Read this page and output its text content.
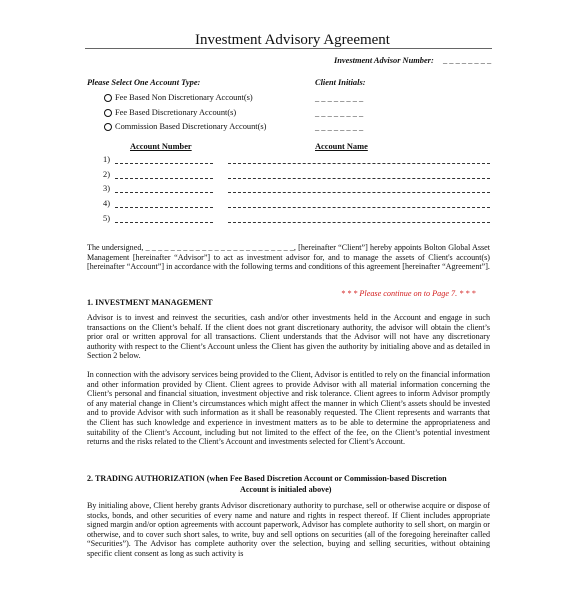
Investment Advisory Agreement
Investment Advisor Number: _ _ _ _ _ _ _ _
Please Select One Account Type:	Client Initials:
Fee Based Non Discretionary Account(s)	_ _ _ _ _ _ _ _
Fee Based Discretionary Account(s)	_ _ _ _ _ _ _ _
Commission Based Discretionary Account(s)	_ _ _ _ _ _ _ _
Account Number	Account Name
1)
2)
3)
4)
5)
The undersigned, _ _ _ _ _ _ _ _ _ _ _ _ _ _ _ _ _ _ _ _ _ _ _ _, [hereinafter “Client”] hereby appoints Bolton Global Asset Management [hereinafter “Advisor”] to act as investment advisor for, and to manage the assets of Client's account(s) [hereinafter “Account”] in accordance with the following terms and conditions of this agreement [hereinafter “Agreement”].
* * * Please continue on to Page 7. * * *
1. INVESTMENT MANAGEMENT
Advisor is to invest and reinvest the securities, cash and/or other investments held in the Account and engage in such transactions on the Client’s behalf. If the client does not grant discretionary authority, the advisor will obtain the client’s prior oral or written approval for all transactions. Client understands that the Advisor will not have any discretionary authority with respect to the Client’s Account unless the Client has given the authority by initialing above and as detailed in Section 2 below.
In connection with the advisory services being provided to the Client, Advisor is entitled to rely on the financial information and other information provided by Client. Client agrees to provide Advisor with all material information concerning the Client’s personal and financial situation, investment objective and risk tolerance. Client agrees to inform Advisor promptly of any material change in Client’s circumstances which might affect the manner in which Client’s assets should be invested and to provide Advisor with such information as it shall be reasonably requested. The Client represents and warrants that the Client has such knowledge and experience in investment matters as to be able to determine the appropriateness and suitability of the Client’s Account, including but not limited to the effect of the fee, on the Client’s potential investment returns and the risks related to the Client’s Account and investments selected for Client’s Account.
2. TRADING AUTHORIZATION (when Fee Based Discretion Account or Commission-based Discretion
Account is initialed above)
By initialing above, Client hereby grants Advisor discretionary authority to purchase, sell or otherwise acquire or dispose of stocks, bonds, and other securities of every name and nature and rights in respect thereof. If Client includes appropriate signed margin and/or option agreements with account paperwork, Advisor has complete authority to sell short, on margin or otherwise, and to cover such short sales, to write, buy and sell options on securities (all of the foregoing hereinafter called “Securities”). The Advisor has complete authority over the selection, buying and selling securities, without obtaining specific client consent as long as such activity is
